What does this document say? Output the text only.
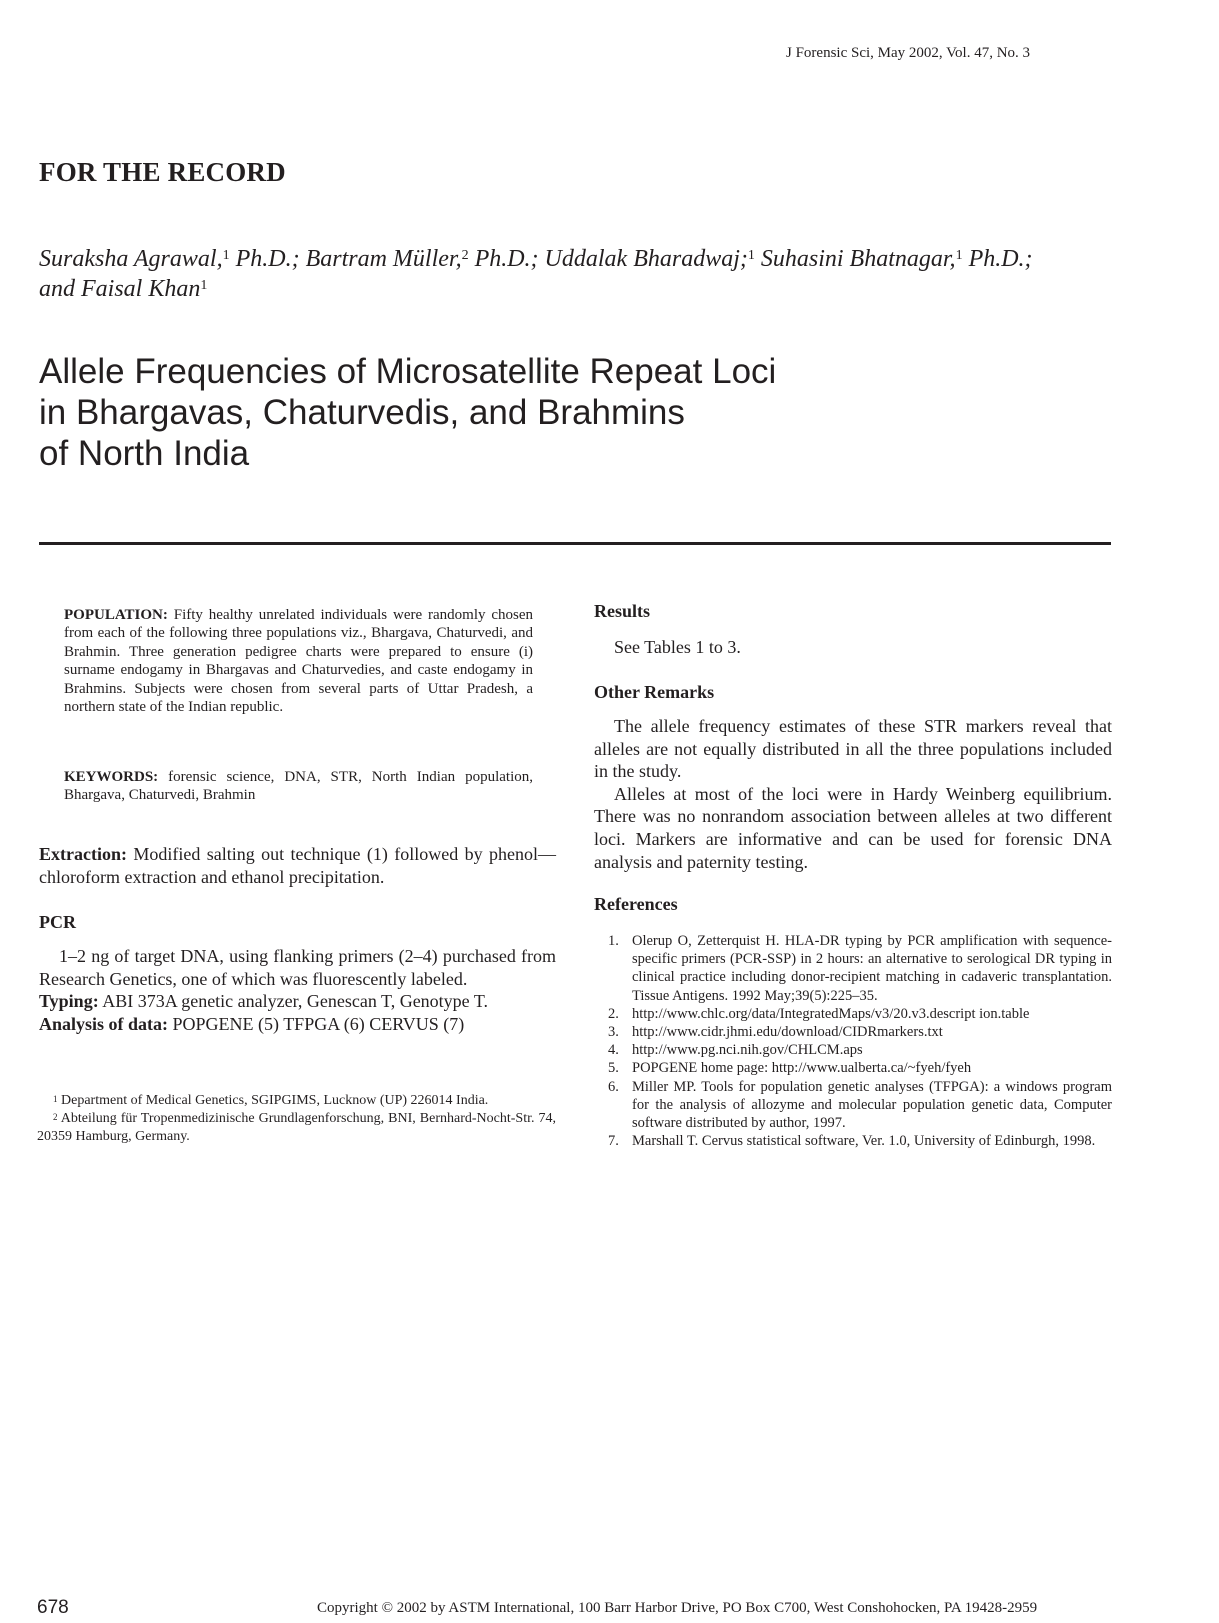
J Forensic Sci, May 2002, Vol. 47, No. 3
FOR THE RECORD
Suraksha Agrawal,$^1$ Ph.D.; Bartram Müller,$^2$ Ph.D.; Uddalak Bharadwaj;$^1$ Suhasini Bhatnagar,$^1$ Ph.D.; and Faisal Khan$^1$
Allele Frequencies of Microsatellite Repeat Loci
in Bhargavas, Chaturvedis, and Brahmins
of North India
POPULATION: Fifty healthy unrelated individuals were randomly chosen from each of the following three populations viz., Bhargava, Chaturvedi, and Brahmin. Three generation pedigree charts were prepared to ensure (i) surname endogamy in Bhargavas and Chaturvedies, and caste endogamy in Brahmins. Subjects were chosen from several parts of Uttar Pradesh, a northern state of the Indian republic.
KEYWORDS: forensic science, DNA, STR, North Indian population, Bhargava, Chaturvedi, Brahmin
Extraction: Modified salting out technique (1) followed by phenol—chloroform extraction and ethanol precipitation.
PCR
1–2 ng of target DNA, using flanking primers (2–4) purchased from Research Genetics, one of which was fluorescently labeled.
Typing: ABI 373A genetic analyzer, Genescan T, Genotype T.
Analysis of data: POPGENE (5) TFPGA (6) CERVUS (7)

$^1$ Department of Medical Genetics, SGIPGIMS, Lucknow (UP) 226014 India.

$^2$ Abteilung für Tropenmedizinische Grundlagenforschung, BNI, Bernhard-Nocht-Str. 74, 20359 Hamburg, Germany.

Results
See Tables 1 to 3.
Other Remarks
The allele frequency estimates of these STR markers reveal that alleles are not equally distributed in all the three populations included in the study.
Alleles at most of the loci were in Hardy Weinberg equilibrium. There was no nonrandom association between alleles at two different loci. Markers are informative and can be used for forensic DNA analysis and paternity testing.
References
1. Olerup O, Zetterquist H. HLA-DR typing by PCR amplification with sequence-specific primers (PCR-SSP) in 2 hours: an alternative to serological DR typing in clinical practice including donor-recipient matching in cadaveric transplantation. Tissue Antigens. 1992 May;39(5):225–35.
2. http://www.chlc.org/data/IntegratedMaps/v3/20.v3.descript ion.table
3. http://www.cidr.jhmi.edu/download/CIDRmarkers.txt
4. http://www.pg.nci.nih.gov/CHLCM.aps
5. POPGENE home page: http://www.ualberta.ca/~fyeh/fyeh
6. Miller MP. Tools for population genetic analyses (TFPGA): a windows program for the analysis of allozyme and molecular population genetic data, Computer software distributed by author, 1997.
7. Marshall T. Cervus statistical software, Ver. 1.0, University of Edinburgh, 1998.
678	Copyright © 2002 by ASTM International, 100 Barr Harbor Drive, PO Box C700, West Conshohocken, PA 19428-2959
